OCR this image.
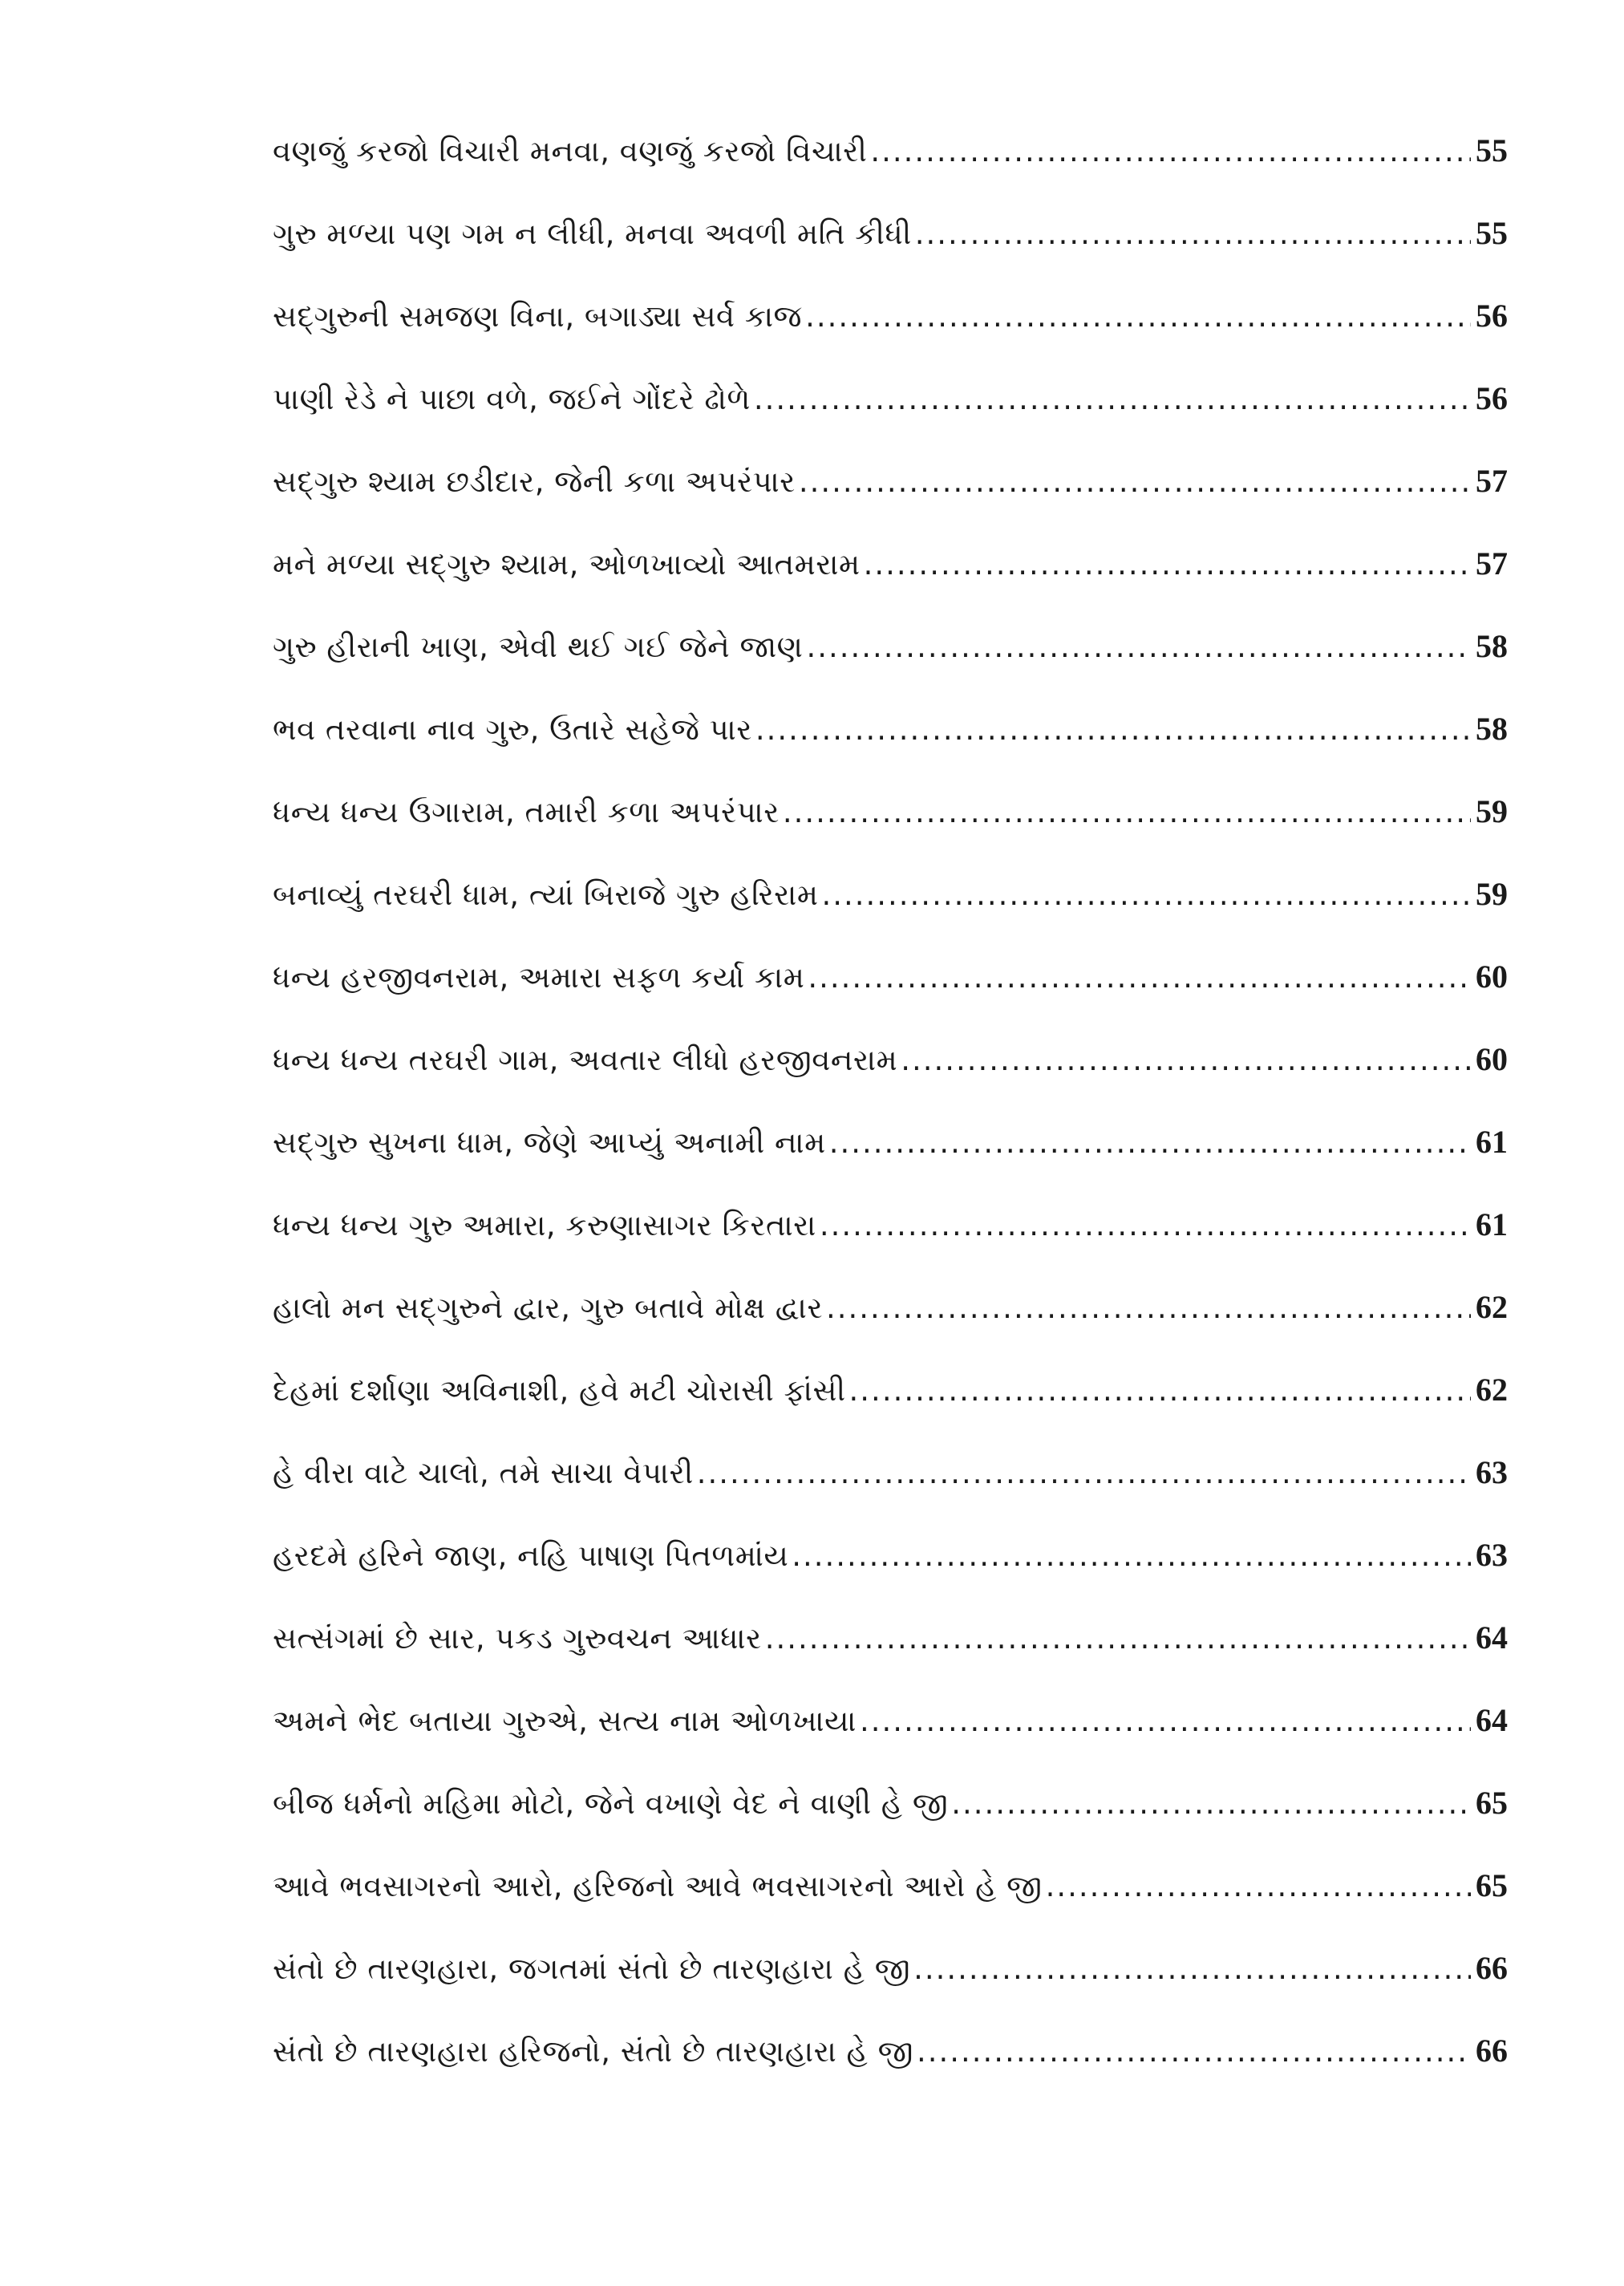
વણજું કરજો વિચારી મનવા, વણજું કરજો વિચારી .....	55
ગુરુ મળ્યા પણ ગમ ન લીધી, મનવા અવળી મતિ કીધી .....	55
સદ્‌ગુરુની સમજણ વિના, બગાડ્યા સર્વ કાજ .....	56
પાણી રેડે ને પાછા વળે, જઈને ગોંદરે ઢોળે .....	56
સદ્‌ગુરુ શ્યામ છડીદાર, જેની કળા અપરંપાર .....	57
મને મળ્યા સદ્‌ગુરુ શ્યામ, ઓળખાવ્યો આતમરામ .....	57
ગુરુ હીરાની ખાણ, એવી થઈ ગઈ જેને જાણ .....	58
ભવ તરવાના નાવ ગુરુ, ઉતારે સહેજે પાર .....	58
ધન્ય ધન્ય ઉગારામ, તમારી કળા અપરંપાર .....	59
બનાવ્યું તરઘરી ધામ, ત્યાં બિરાજે ગુરુ હરિરામ .....	59
ધન્ય હરજીવનરામ, અમારા સફળ કર્યા કામ .....	60
ધન્ય ધન્ય તરઘરી ગામ, અવતાર લીધો હરજીવનરામ .....	60
સદ્‌ગુરુ સુખના ધામ, જેણે આપ્યું અનામી નામ .....	61
ધન્ય ધન્ય ગુરુ અમારા, કરુણાસાગર કિરતારા .....	61
હાલો મન સદ્‌ગુરુને દ્વાર, ગુરુ બતાવે મોક્ષ દ્વાર .....	62
દેહમાં દર્શાણા અવિનાશી, હવે મટી ચોરાસી ફાંસી .....	62
હે વીરા વાટે ચાલો, તમે સાચા વેપારી .....	63
હરદમે હરિને જાણ, નહિ પાષાણ પિતળમાંય .....	63
સત્સંગમાં છે સાર, પકડ ગુરુવચન આધાર .....	64
અમને ભેદ બતાયા ગુરુએ, સત્ય નામ ઓળખાયા .....	64
બીજ ધર્મનો મહિમા મોટો, જેને વખાણે વેદ ને વાણી હે જી .....	65
આવે ભવસાગરનો આરો, હરિજનો આવે ભવસાગરનો આરો હે જી .....	65
સંતો છે તારણહારા, જગતમાં સંતો છે તારણહારા હે જી .....	66
સંતો છે તારણહારા હરિજનો, સંતો છે તારણહારા હે જી .....	66
